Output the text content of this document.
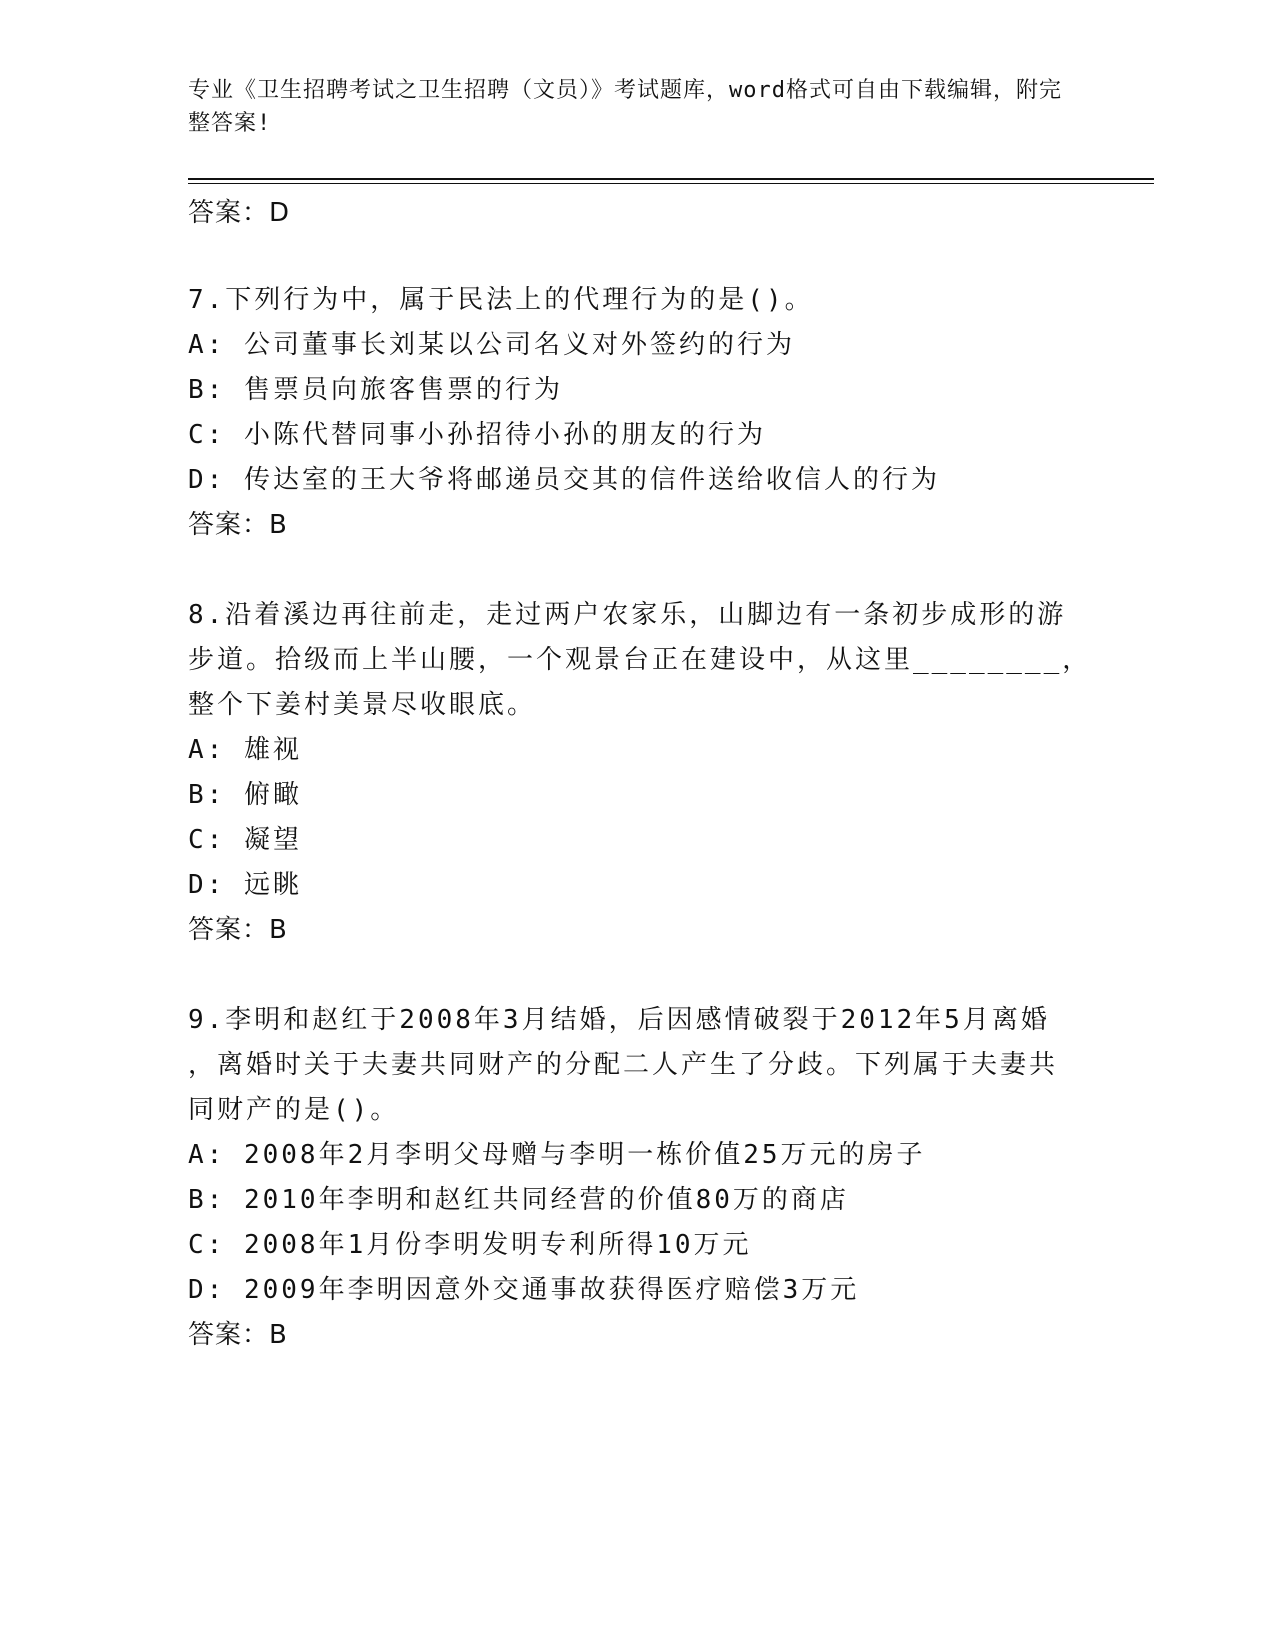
专业《卫生招聘考试之卫生招聘（文员）》考试题库，word格式可自由下载编辑，附完整答案!
答案：D
7.下列行为中，属于民法上的代理行为的是()。
A: 公司董事长刘某以公司名义对外签约的行为
B: 售票员向旅客售票的行为
C: 小陈代替同事小孙招待小孙的朋友的行为
D: 传达室的王大爷将邮递员交其的信件送给收信人的行为
答案：B
8.沿着溪边再往前走，走过两户农家乐，山脚边有一条初步成形的游
步道。拾级而上半山腰，一个观景台正在建设中，从这里________，
整个下姜村美景尽收眼底。
A: 雄视
B: 俯瞰
C: 凝望
D: 远眺
答案：B
9.李明和赵红于2008年3月结婚，后因感情破裂于2012年5月离婚
，离婚时关于夫妻共同财产的分配二人产生了分歧。下列属于夫妻共
同财产的是()。
A: 2008年2月李明父母赠与李明一栋价值25万元的房子
B: 2010年李明和赵红共同经营的价值80万的商店
C: 2008年1月份李明发明专利所得10万元
D: 2009年李明因意外交通事故获得医疗赔偿3万元
答案：B
